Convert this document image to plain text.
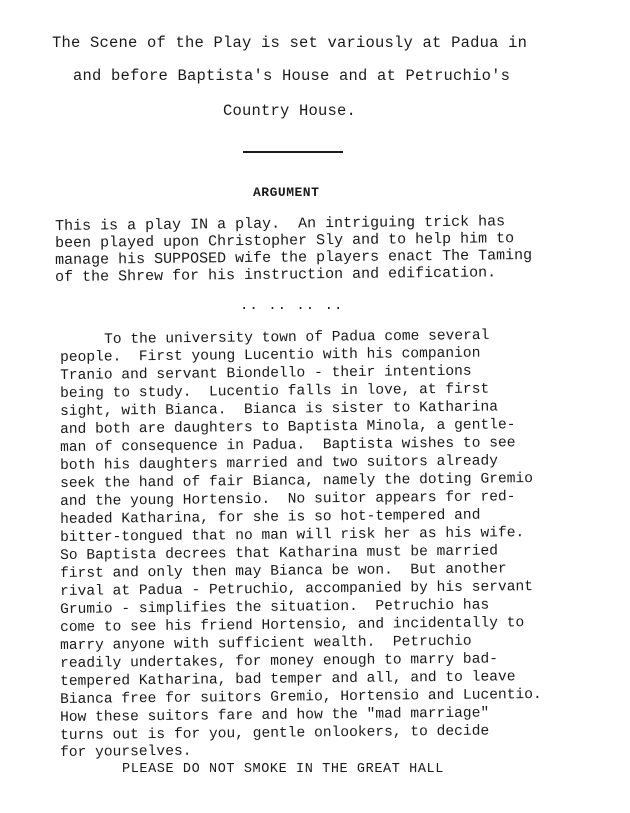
The Scene of the Play is set variously at Padua in
and before Baptista's House and at Petruchio's
Country House.
ARGUMENT
This is a play IN a play.  An intriguing trick has
been played upon Christopher Sly and to help him to
manage his SUPPOSED wife the players enact The Taming
of the Shrew for his instruction and edification.
.. .. .. ..
To the university town of Padua come several
people.  First young Lucentio with his companion
Tranio and servant Biondello - their intentions
being to study.  Lucentio falls in love, at first
sight, with Bianca.  Bianca is sister to Katharina
and both are daughters to Baptista Minola, a gentle-
man of consequence in Padua.  Baptista wishes to see
both his daughters married and two suitors already
seek the hand of fair Bianca, namely the doting Gremio
and the young Hortensio.  No suitor appears for red-
headed Katharina, for she is so hot-tempered and
bitter-tongued that no man will risk her as his wife.
So Baptista decrees that Katharina must be married
first and only then may Bianca be won.  But another
rival at Padua - Petruchio, accompanied by his servant
Grumio - simplifies the situation.  Petruchio has
come to see his friend Hortensio, and incidentally to
marry anyone with sufficient wealth.  Petruchio
readily undertakes, for money enough to marry bad-
tempered Katharina, bad temper and all, and to leave
Bianca free for suitors Gremio, Hortensio and Lucentio.
How these suitors fare and how the "mad marriage"
turns out is for you, gentle onlookers, to decide
for yourselves.
PLEASE DO NOT SMOKE IN THE GREAT HALL
